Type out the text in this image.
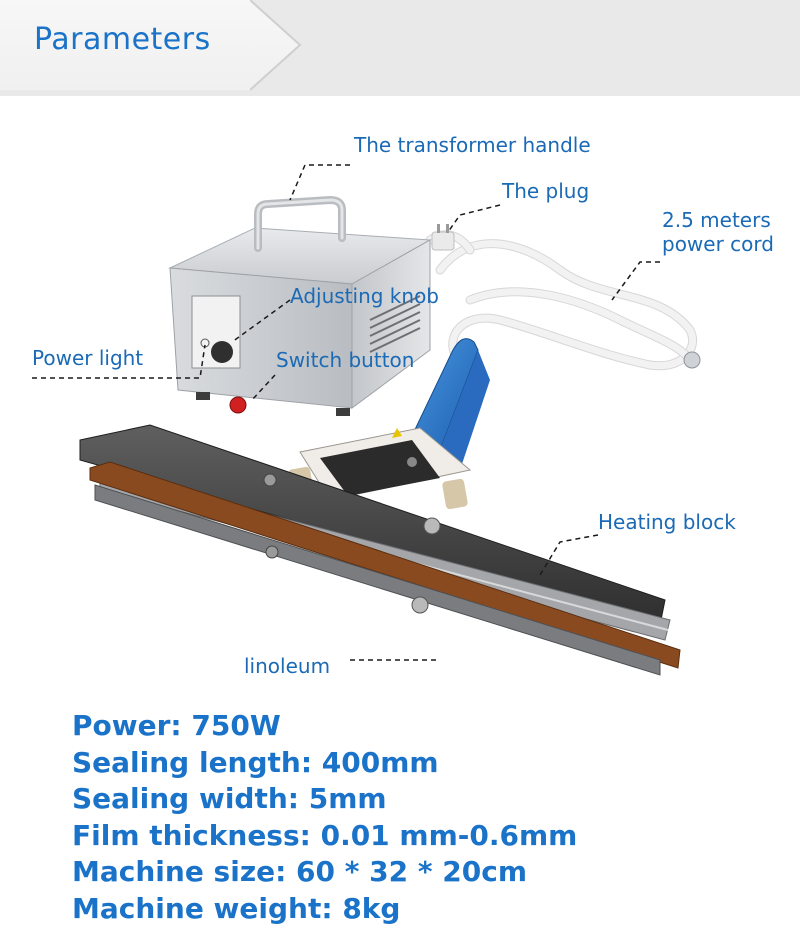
Parameters
The transformer handle
The plug
2.5 meters
power cord
Adjusting knob
Power light	Switch button
Heating block
linoleum
Power: 750W
Sealing length: 400mm
Sealing width: 5mm
Film thickness: 0.01 mm-0.6mm
Machine size: 60 * 32 * 20cm
Machine weight: 8kg
